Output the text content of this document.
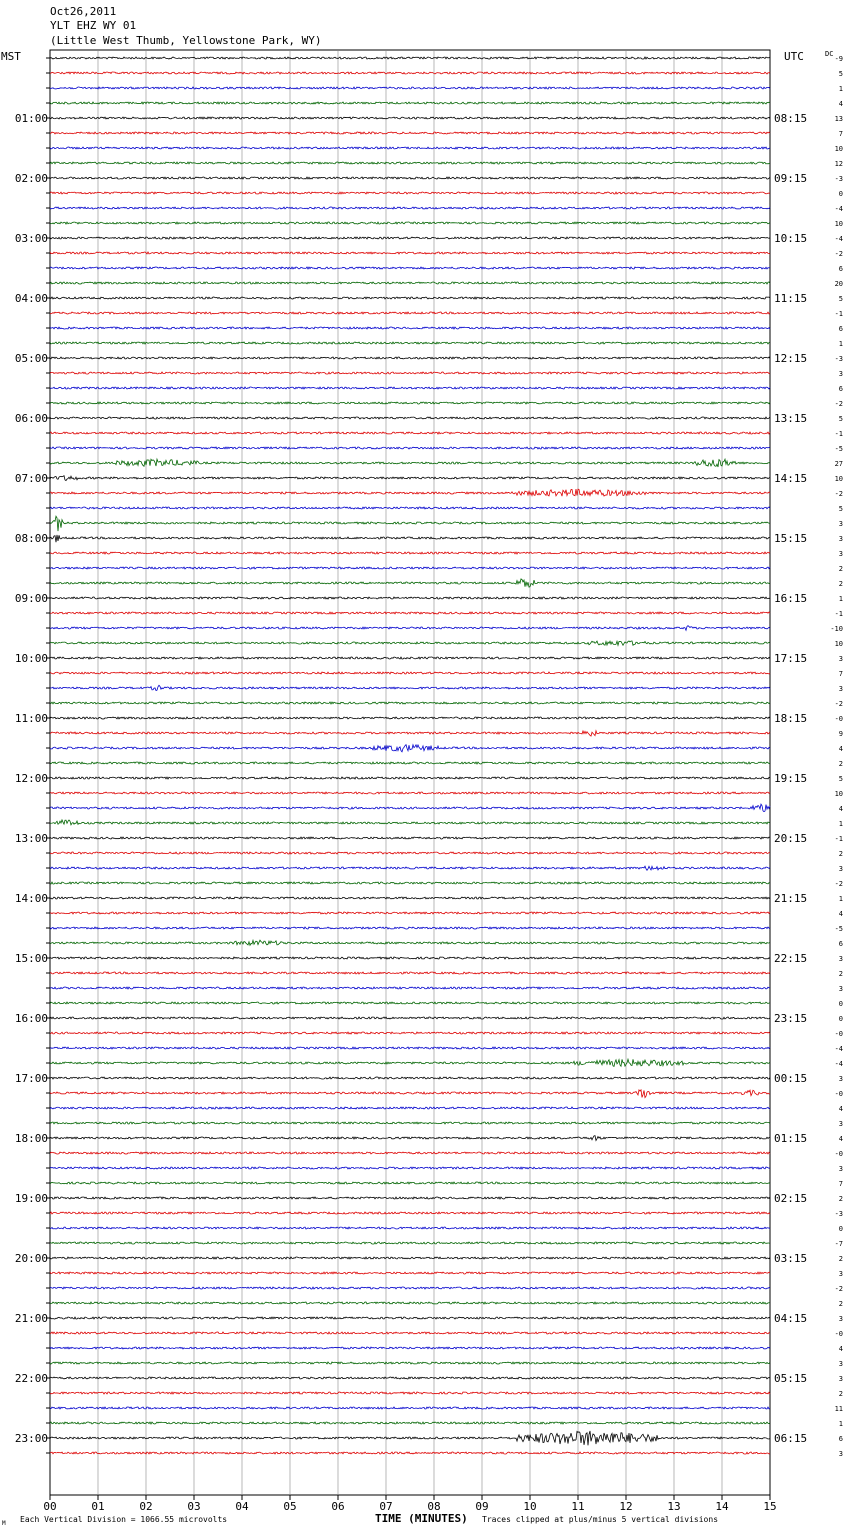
Oct26,2011
YLT EHZ WY 01
(Little West Thumb, Yellowstone Park, WY)
MST	UTC	DC
00	01	02	03	04	05	06	07	08	09	10	11	12	13	14	15
-9
5
1
4
13
7
10
12
-3
0
-4
10
-4
-2
6
20
5
-1
6
1
-3
3
6
-2
5
-1
-5
27
10
-2
5
3
3
3
2
2
1
-1
-10
10
3
7
3
-2
-0
9
4
2
5
10
4
1
-1
2
3
-2
1
4
-5
6
3
2
3
0
0
-0
-4
-4
3
-0
4
3
4
-0
3
7
2
-3
0
-7
2
3
-2
2
3
-0
4
3
3
2
11
1
6
3
01:00	08:15
02:00	09:15
03:00	10:15
04:00	11:15
05:00	12:15
06:00	13:15
07:00	14:15
08:00	15:15
09:00	16:15
10:00	17:15
11:00	18:15
12:00	19:15
13:00	20:15
14:00	21:15
15:00	22:15
16:00	23:15
17:00	00:15
18:00	01:15
19:00	02:15
20:00	03:15
21:00	04:15
22:00	05:15
23:00	06:15
TIME (MINUTES)
Each Vertical Division = 1066.55 microvolts	Traces clipped at plus/minus 5 vertical divisions
M
